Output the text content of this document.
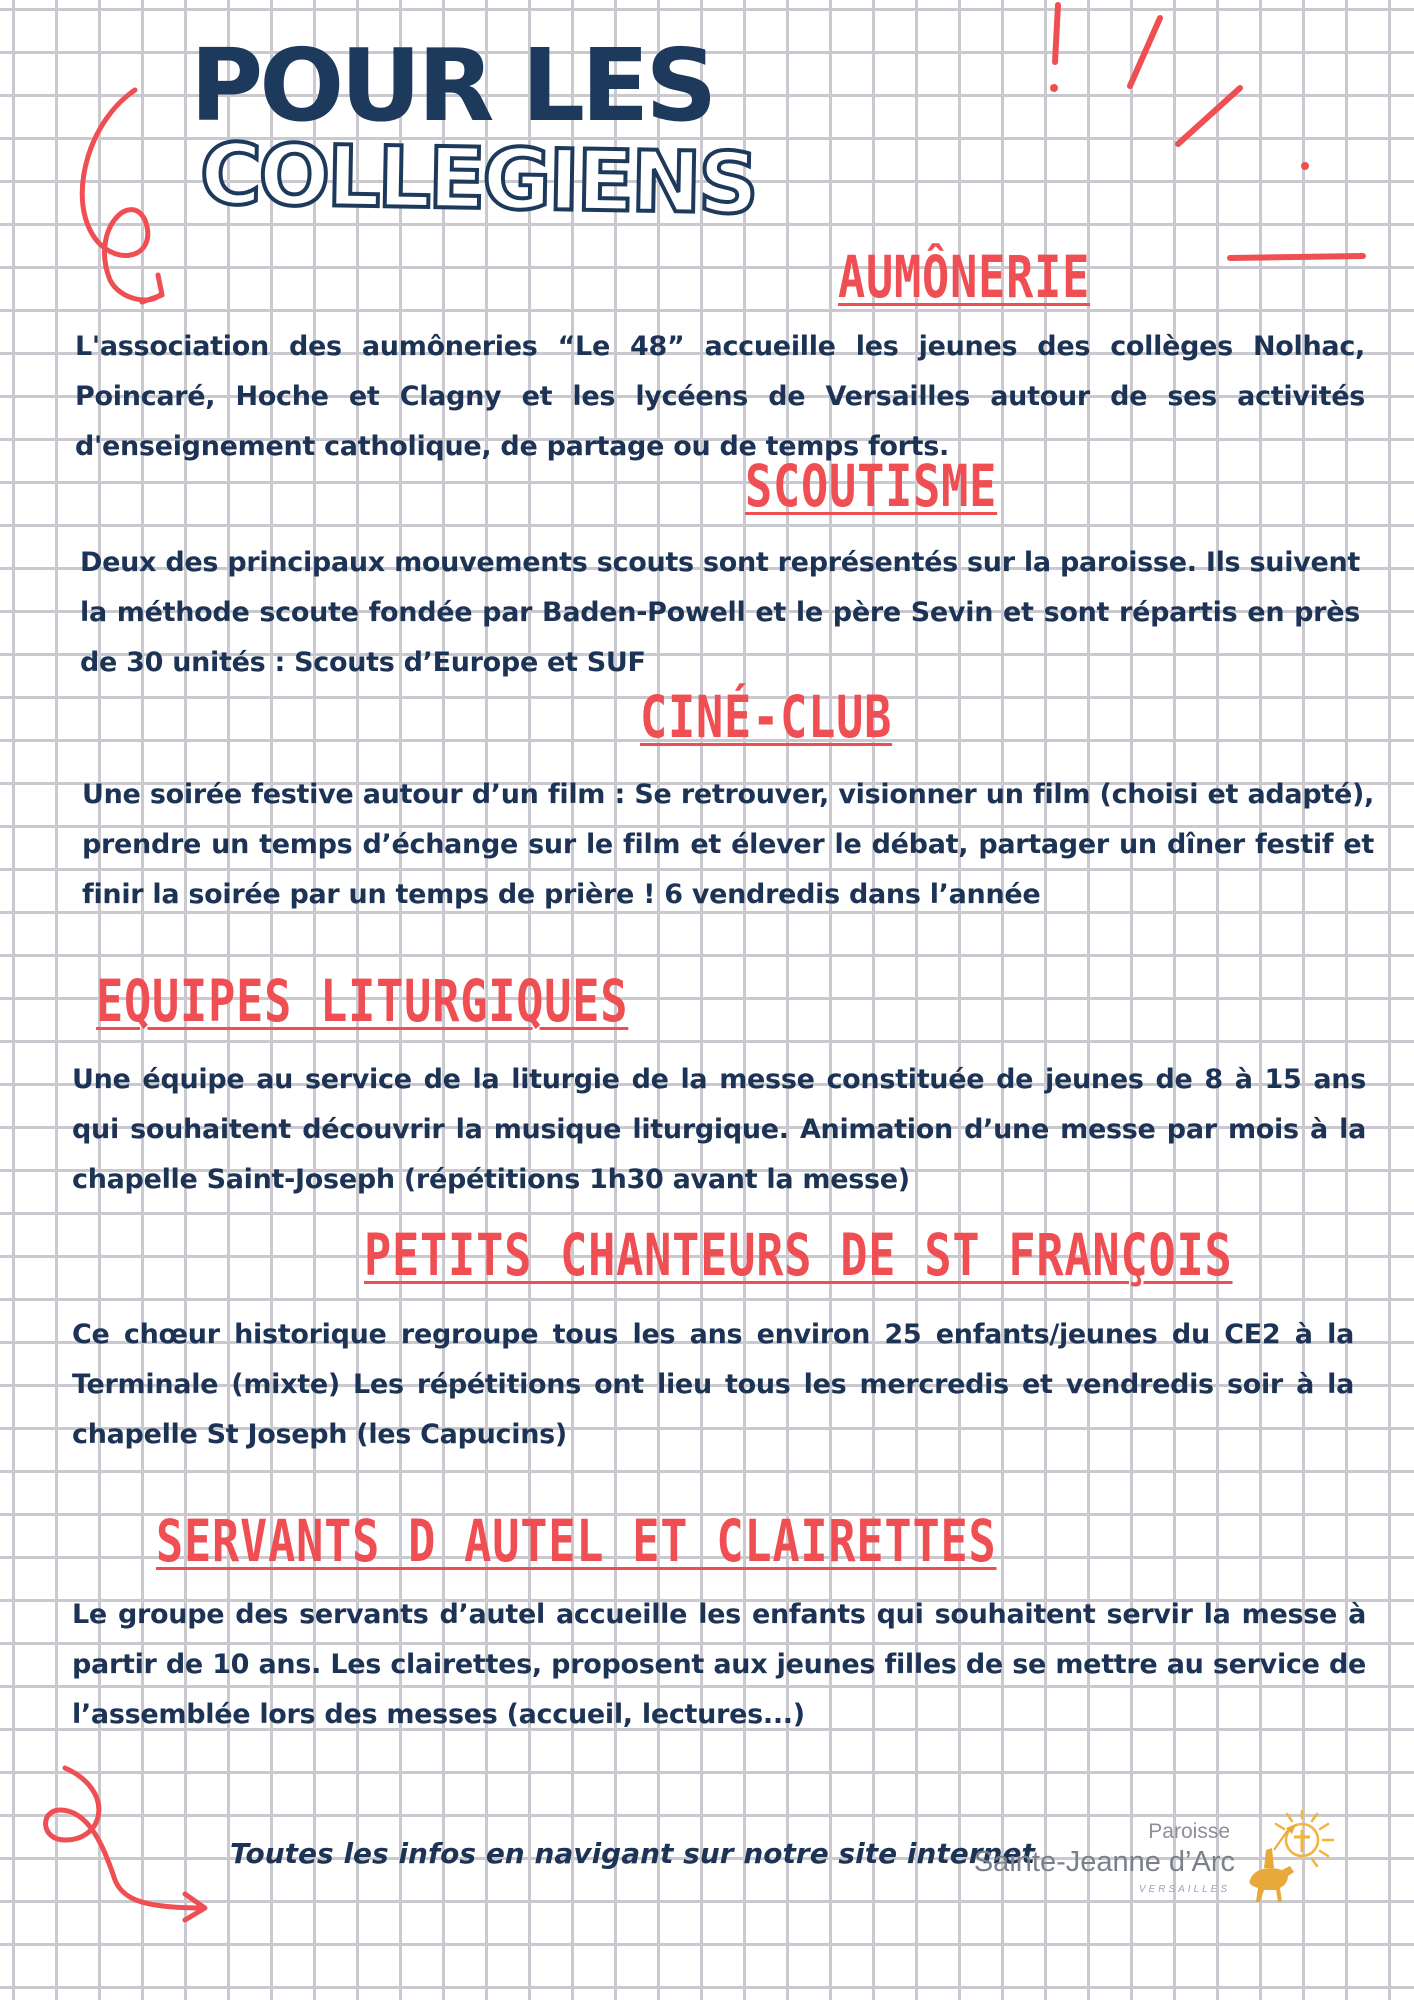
POUR LES
COLLEGIENS
AUMÔNERIE

L'association des aumôneries “Le 48” accueille les jeunes des collèges Nolhac, Poincaré, Hoche et Clagny et les lycéens de Versailles autour de ses activités d'enseignement catholique, de partage ou de temps forts.

SCOUTISME

Deux des principaux mouvements scouts sont représentés sur la paroisse. Ils suivent la méthode scoute fondée par Baden-Powell et le père Sevin et sont répartis en près de 30 unités : Scouts d’Europe et SUF

CINÉ-CLUB

Une soirée festive autour d’un film : Se retrouver, visionner un film (choisi et adapté), prendre un temps d’échange sur le film et élever le débat, partager un dîner festif et finir la soirée par un temps de prière ! 6 vendredis dans l’année

EQUIPES LITURGIQUES

Une équipe au service de la liturgie de la messe constituée de jeunes de 8 à 15 ans qui souhaitent découvrir la musique liturgique. Animation d’une messe par mois à la chapelle Saint-Joseph (répétitions 1h30 avant la messe)

PETITS CHANTEURS DE ST FRANÇOIS

Ce chœur historique regroupe tous les ans environ 25 enfants/jeunes du CE2 à la Terminale (mixte) Les répétitions ont lieu tous les mercredis et vendredis soir à la chapelle St Joseph (les Capucins)

SERVANTS D AUTEL ET CLAIRETTES

Le groupe des servants d’autel accueille les enfants qui souhaitent servir la messe à partir de 10 ans. Les clairettes, proposent aux jeunes filles de se mettre au service de l’assemblée lors des messes (accueil, lectures...)

Toutes les infos en navigant sur notre site internet

Paroisse
Sainte-Jeanne d’Arc
VERSAILLES
